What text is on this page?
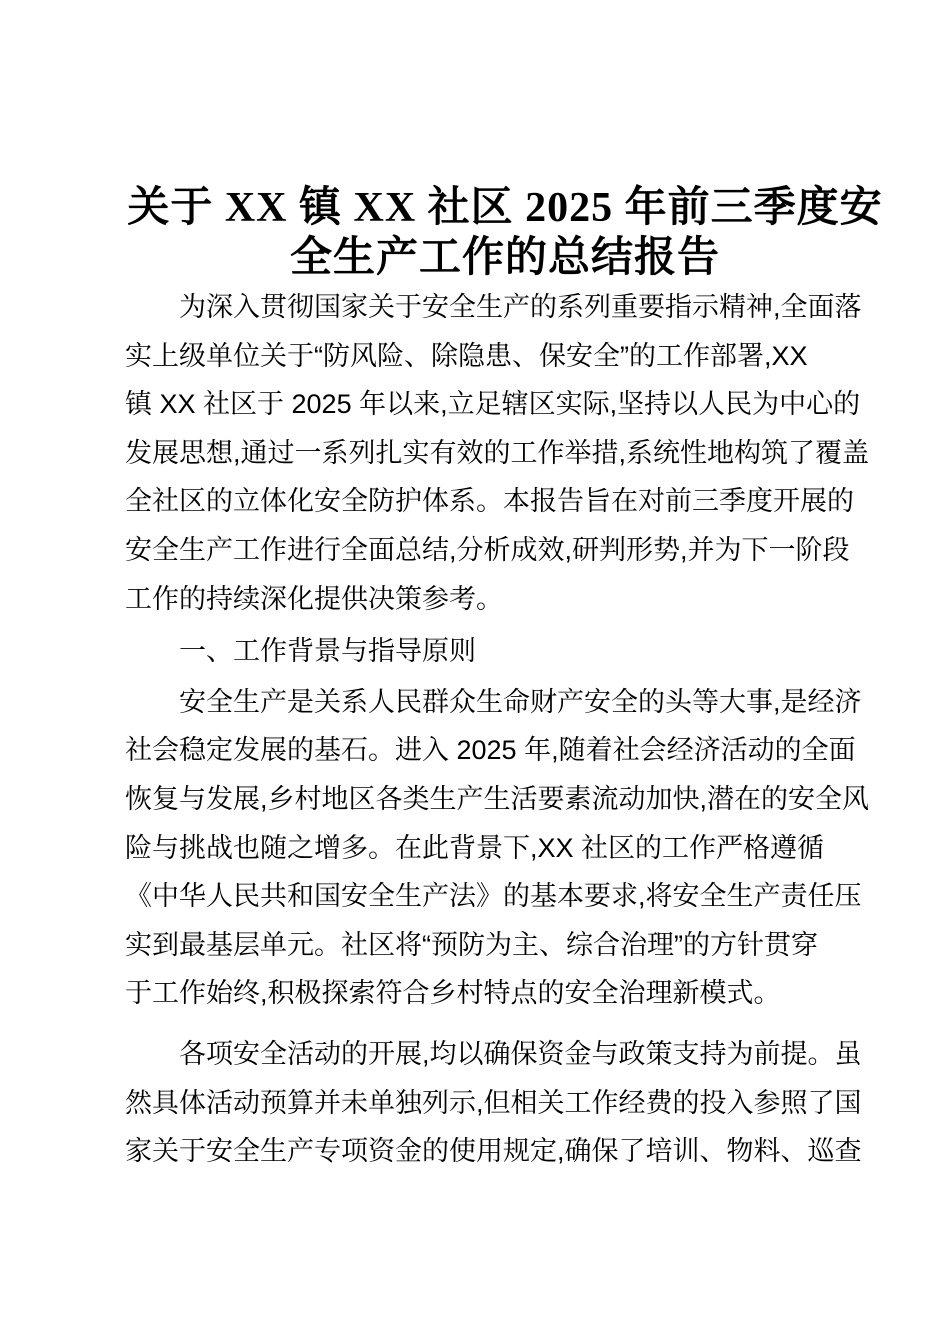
关于 XX 镇 XX 社区 2025 年前三季度安
全生产工作的总结报告
为深入贯彻国家关于安全生产的系列重要指示精神,全面落
实上级单位关于“防风险、除隐患、保安全”的工作部署,XX
镇 XX 社区于 2025 年以来,立足辖区实际,坚持以人民为中心的
发展思想,通过一系列扎实有效的工作举措,系统性地构筑了覆盖
全社区的立体化安全防护体系。本报告旨在对前三季度开展的
安全生产工作进行全面总结,分析成效,研判形势,并为下一阶段
工作的持续深化提供决策参考。
一、工作背景与指导原则
安全生产是关系人民群众生命财产安全的头等大事,是经济
社会稳定发展的基石。进入 2025 年,随着社会经济活动的全面
恢复与发展,乡村地区各类生产生活要素流动加快,潜在的安全风
险与挑战也随之增多。在此背景下,XX 社区的工作严格遵循
《中华人民共和国安全生产法》的基本要求,将安全生产责任压
实到最基层单元。社区将“预防为主、综合治理”的方针贯穿
于工作始终,积极探索符合乡村特点的安全治理新模式。
各项安全活动的开展,均以确保资金与政策支持为前提。虽
然具体活动预算并未单独列示,但相关工作经费的投入参照了国
家关于安全生产专项资金的使用规定,确保了培训、物料、巡查
